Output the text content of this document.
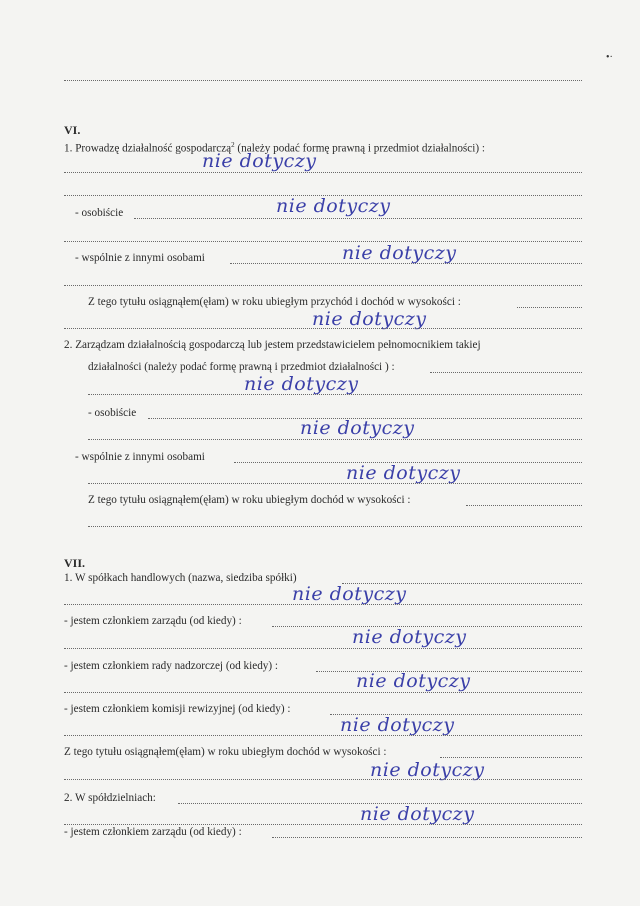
•·
VI.
1. Prowadzę działalność gospodarczą$^2$ (należy podać formę prawną i przedmiot działalności) :
nie dotyczy
- osobiście	nie dotyczy
- wspólnie z innymi osobami	nie dotyczy
Z tego tytułu osiągnąłem(ęłam) w roku ubiegłym przychód i dochód w wysokości :
nie dotyczy
2. Zarządzam działalnością gospodarczą lub jestem przedstawicielem pełnomocnikiem takiej
działalności (należy podać formę prawną i przedmiot działalności ) :
nie dotyczy
- osobiście
nie dotyczy
- wspólnie z innymi osobami
nie dotyczy
Z tego tytułu osiągnąłem(ęłam) w roku ubiegłym dochód w wysokości :
VII.
1. W spółkach handlowych (nazwa, siedziba spółki)
nie dotyczy
- jestem członkiem zarządu (od kiedy) :
nie dotyczy
- jestem członkiem rady nadzorczej (od kiedy) :
nie dotyczy
- jestem członkiem komisji rewizyjnej (od kiedy) :
nie dotyczy
Z tego tytułu osiągnąłem(ęłam) w roku ubiegłym dochód w wysokości :
nie dotyczy
2. W spółdzielniach:
nie dotyczy
- jestem członkiem zarządu (od kiedy) :
